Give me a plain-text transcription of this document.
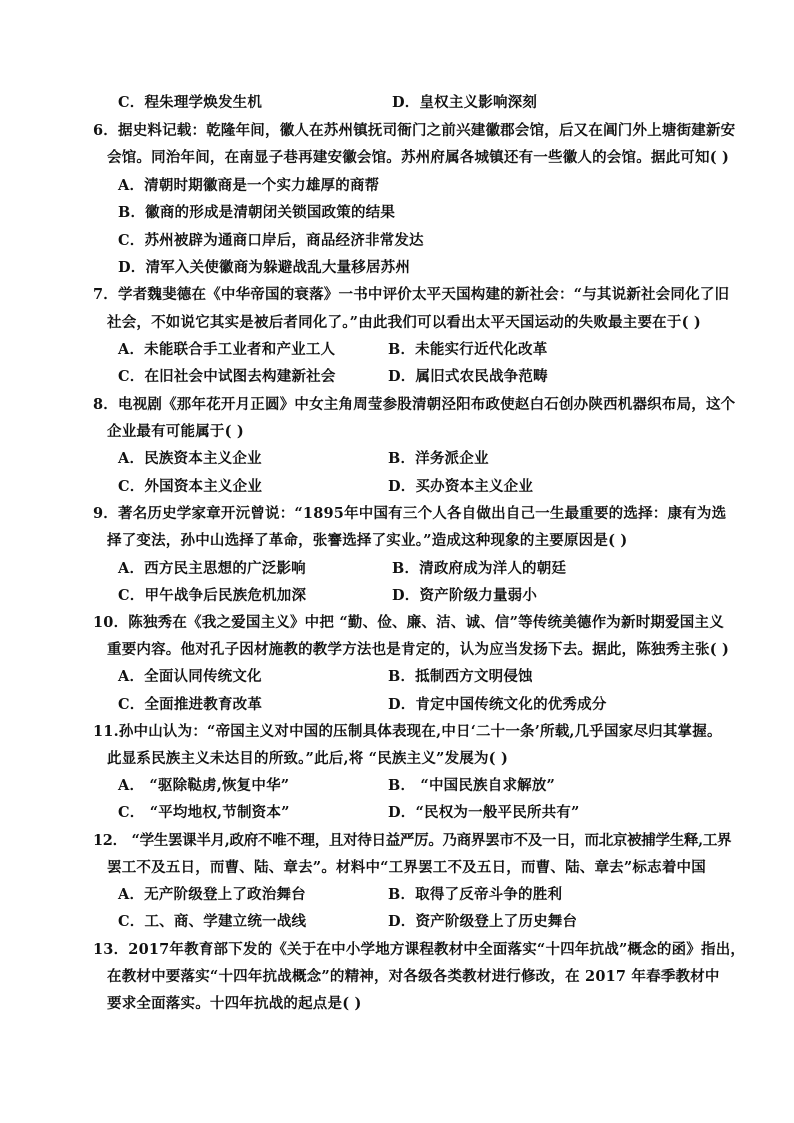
C．程朱理学焕发生机	D．皇权主义影响深刻
6．据史料记载：乾隆年间，徽人在苏州镇抚司衙门之前兴建徽郡会馆，后又在阊门外上塘街建新安
会馆。同治年间，在南显子巷再建安徽会馆。苏州府属各城镇还有一些徽人的会馆。据此可知( )
A．清朝时期徽商是一个实力雄厚的商帮
B．徽商的形成是清朝闭关锁国政策的结果
C．苏州被辟为通商口岸后，商品经济非常发达
D．清军入关使徽商为躲避战乱大量移居苏州
7．学者魏斐德在《中华帝国的衰落》一书中评价太平天国构建的新社会：“与其说新社会同化了旧
社会，不如说它其实是被后者同化了。”由此我们可以看出太平天国运动的失败最主要在于( )
A．未能联合手工业者和产业工人	B．未能实行近代化改革
C．在旧社会中试图去构建新社会	D．属旧式农民战争范畴
8．电视剧《那年花开月正圆》中女主角周莹参股清朝泾阳布政使赵白石创办陕西机器织布局，这个
企业最有可能属于( )
A．民族资本主义企业	B．洋务派企业
C．外国资本主义企业	D．买办资本主义企业
9．著名历史学家章开沅曾说：“1895年中国有三个人各自做出自己一生最重要的选择：康有为选
择了变法，孙中山选择了革命，张謇选择了实业。”造成这种现象的主要原因是( )
A．西方民主思想的广泛影响	B．清政府成为洋人的朝廷
C．甲午战争后民族危机加深	D．资产阶级力量弱小
10．陈独秀在《我之爱国主义》中把 “勤、俭、廉、洁、诚、信”等传统美德作为新时期爱国主义
重要内容。他对孔子因材施教的教学方法也是肯定的，认为应当发扬下去。据此，陈独秀主张( )
A．全面认同传统文化	B．抵制西方文明侵蚀
C．全面推进教育改革	D．肯定中国传统文化的优秀成分
11.孙中山认为：“帝国主义对中国的压制具体表现在,中日‘二十一条’所载,几乎国家尽归其掌握。
此显系民族主义未达目的所致。”此后,将 “民族主义”发展为( )
A． “驱除鞑虏,恢复中华”	B． “中国民族自求解放”
C． “平均地权,节制资本”	D．“民权为一般平民所共有”
12． “学生罢课半月,政府不唯不理，且对待日益严厉。乃商界罢市不及一日，而北京被捕学生释,工界
罢工不及五日，而曹、陆、章去”。材料中“工界罢工不及五日，而曹、陆、章去”标志着中国
A．无产阶级登上了政治舞台	B．取得了反帝斗争的胜利
C．工、商、学建立统一战线	D．资产阶级登上了历史舞台
13．2017年教育部下发的《关于在中小学地方课程教材中全面落实“十四年抗战”概念的函》指出，
在教材中要落实“十四年抗战概念”的精神，对各级各类教材进行修改，在 2017 年春季教材中
要求全面落实。十四年抗战的起点是( )
